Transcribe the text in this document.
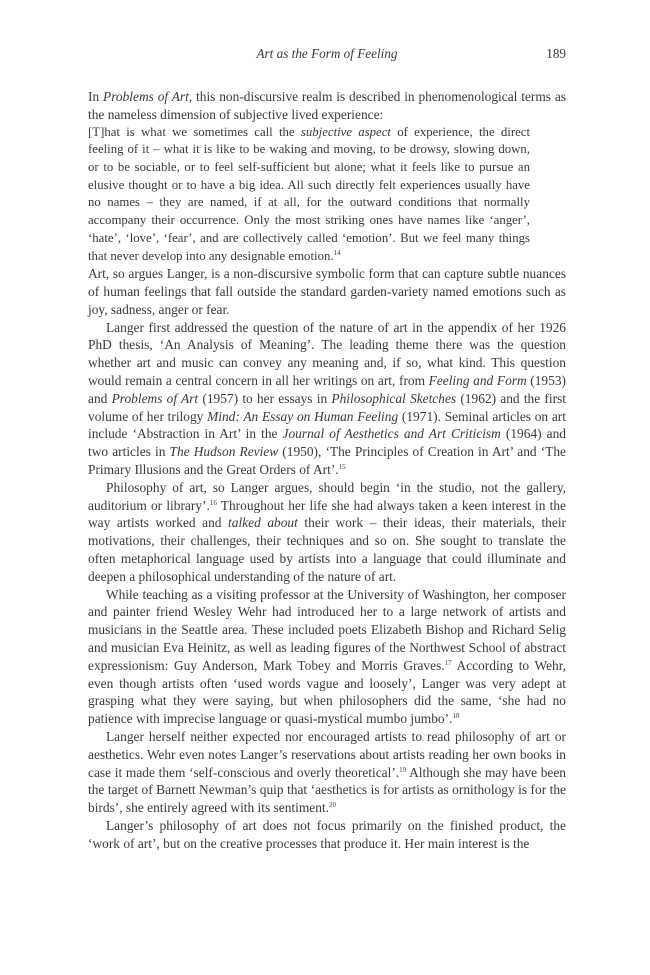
Art as the Form of Feeling	189

In Problems of Art, this non-discursive realm is described in phenomenological terms as the nameless dimension of subjective lived experience:

[T]hat is what we sometimes call the subjective aspect of experience, the direct feeling of it – what it is like to be waking and moving, to be drowsy, slowing down, or to be sociable, or to feel self-sufficient but alone; what it feels like to pursue an elusive thought or to have a big idea. All such directly felt experiences usually have no names – they are named, if at all, for the outward conditions that normally accompany their occurrence. Only the most striking ones have names like ‘anger’, ‘hate’, ‘love’, ‘fear’, and are collectively called ‘emotion’. But we feel many things that never develop into any designable emotion.$^{14}$

Art, so argues Langer, is a non-discursive symbolic form that can capture subtle nuances of human feelings that fall outside the standard garden-variety named emotions such as joy, sadness, anger or fear.

Langer first addressed the question of the nature of art in the appendix of her 1926 PhD thesis, ‘An Analysis of Meaning’. The leading theme there was the question whether art and music can convey any meaning and, if so, what kind. This question would remain a central concern in all her writings on art, from Feeling and Form (1953) and Problems of Art (1957) to her essays in Philosophical Sketches (1962) and the first volume of her trilogy Mind: An Essay on Human Feeling (1971). Seminal articles on art include ‘Abstraction in Art’ in the Journal of Aesthetics and Art Criticism (1964) and two articles in The Hudson Review (1950), ‘The Principles of Creation in Art’ and ‘The Primary Illusions and the Great Orders of Art’.$^{15}$

Philosophy of art, so Langer argues, should begin ‘in the studio, not the gallery, auditorium or library’.$^{16}$ Throughout her life she had always taken a keen interest in the way artists worked and talked about their work – their ideas, their materials, their motivations, their challenges, their techniques and so on. She sought to translate the often metaphorical language used by artists into a language that could illuminate and deepen a philosophical understanding of the nature of art.

While teaching as a visiting professor at the University of Washington, her composer and painter friend Wesley Wehr had introduced her to a large network of artists and musicians in the Seattle area. These included poets Elizabeth Bishop and Richard Selig and musician Eva Heinitz, as well as leading figures of the Northwest School of abstract expressionism: Guy Anderson, Mark Tobey and Morris Graves.$^{17}$ According to Wehr, even though artists often ‘used words vague and loosely’, Langer was very adept at grasping what they were saying, but when philosophers did the same, ‘she had no patience with imprecise language or quasi-mystical mumbo jumbo’.$^{18}$

Langer herself neither expected nor encouraged artists to read philosophy of art or aesthetics. Wehr even notes Langer’s reservations about artists reading her own books in case it made them ‘self-conscious and overly theoretical’.$^{19}$ Although she may have been the target of Barnett Newman’s quip that ‘aesthetics is for artists as ornithology is for the birds’, she entirely agreed with its sentiment.$^{20}$

Langer’s philosophy of art does not focus primarily on the finished product, the ‘work of art’, but on the creative processes that produce it. Her main interest is the
